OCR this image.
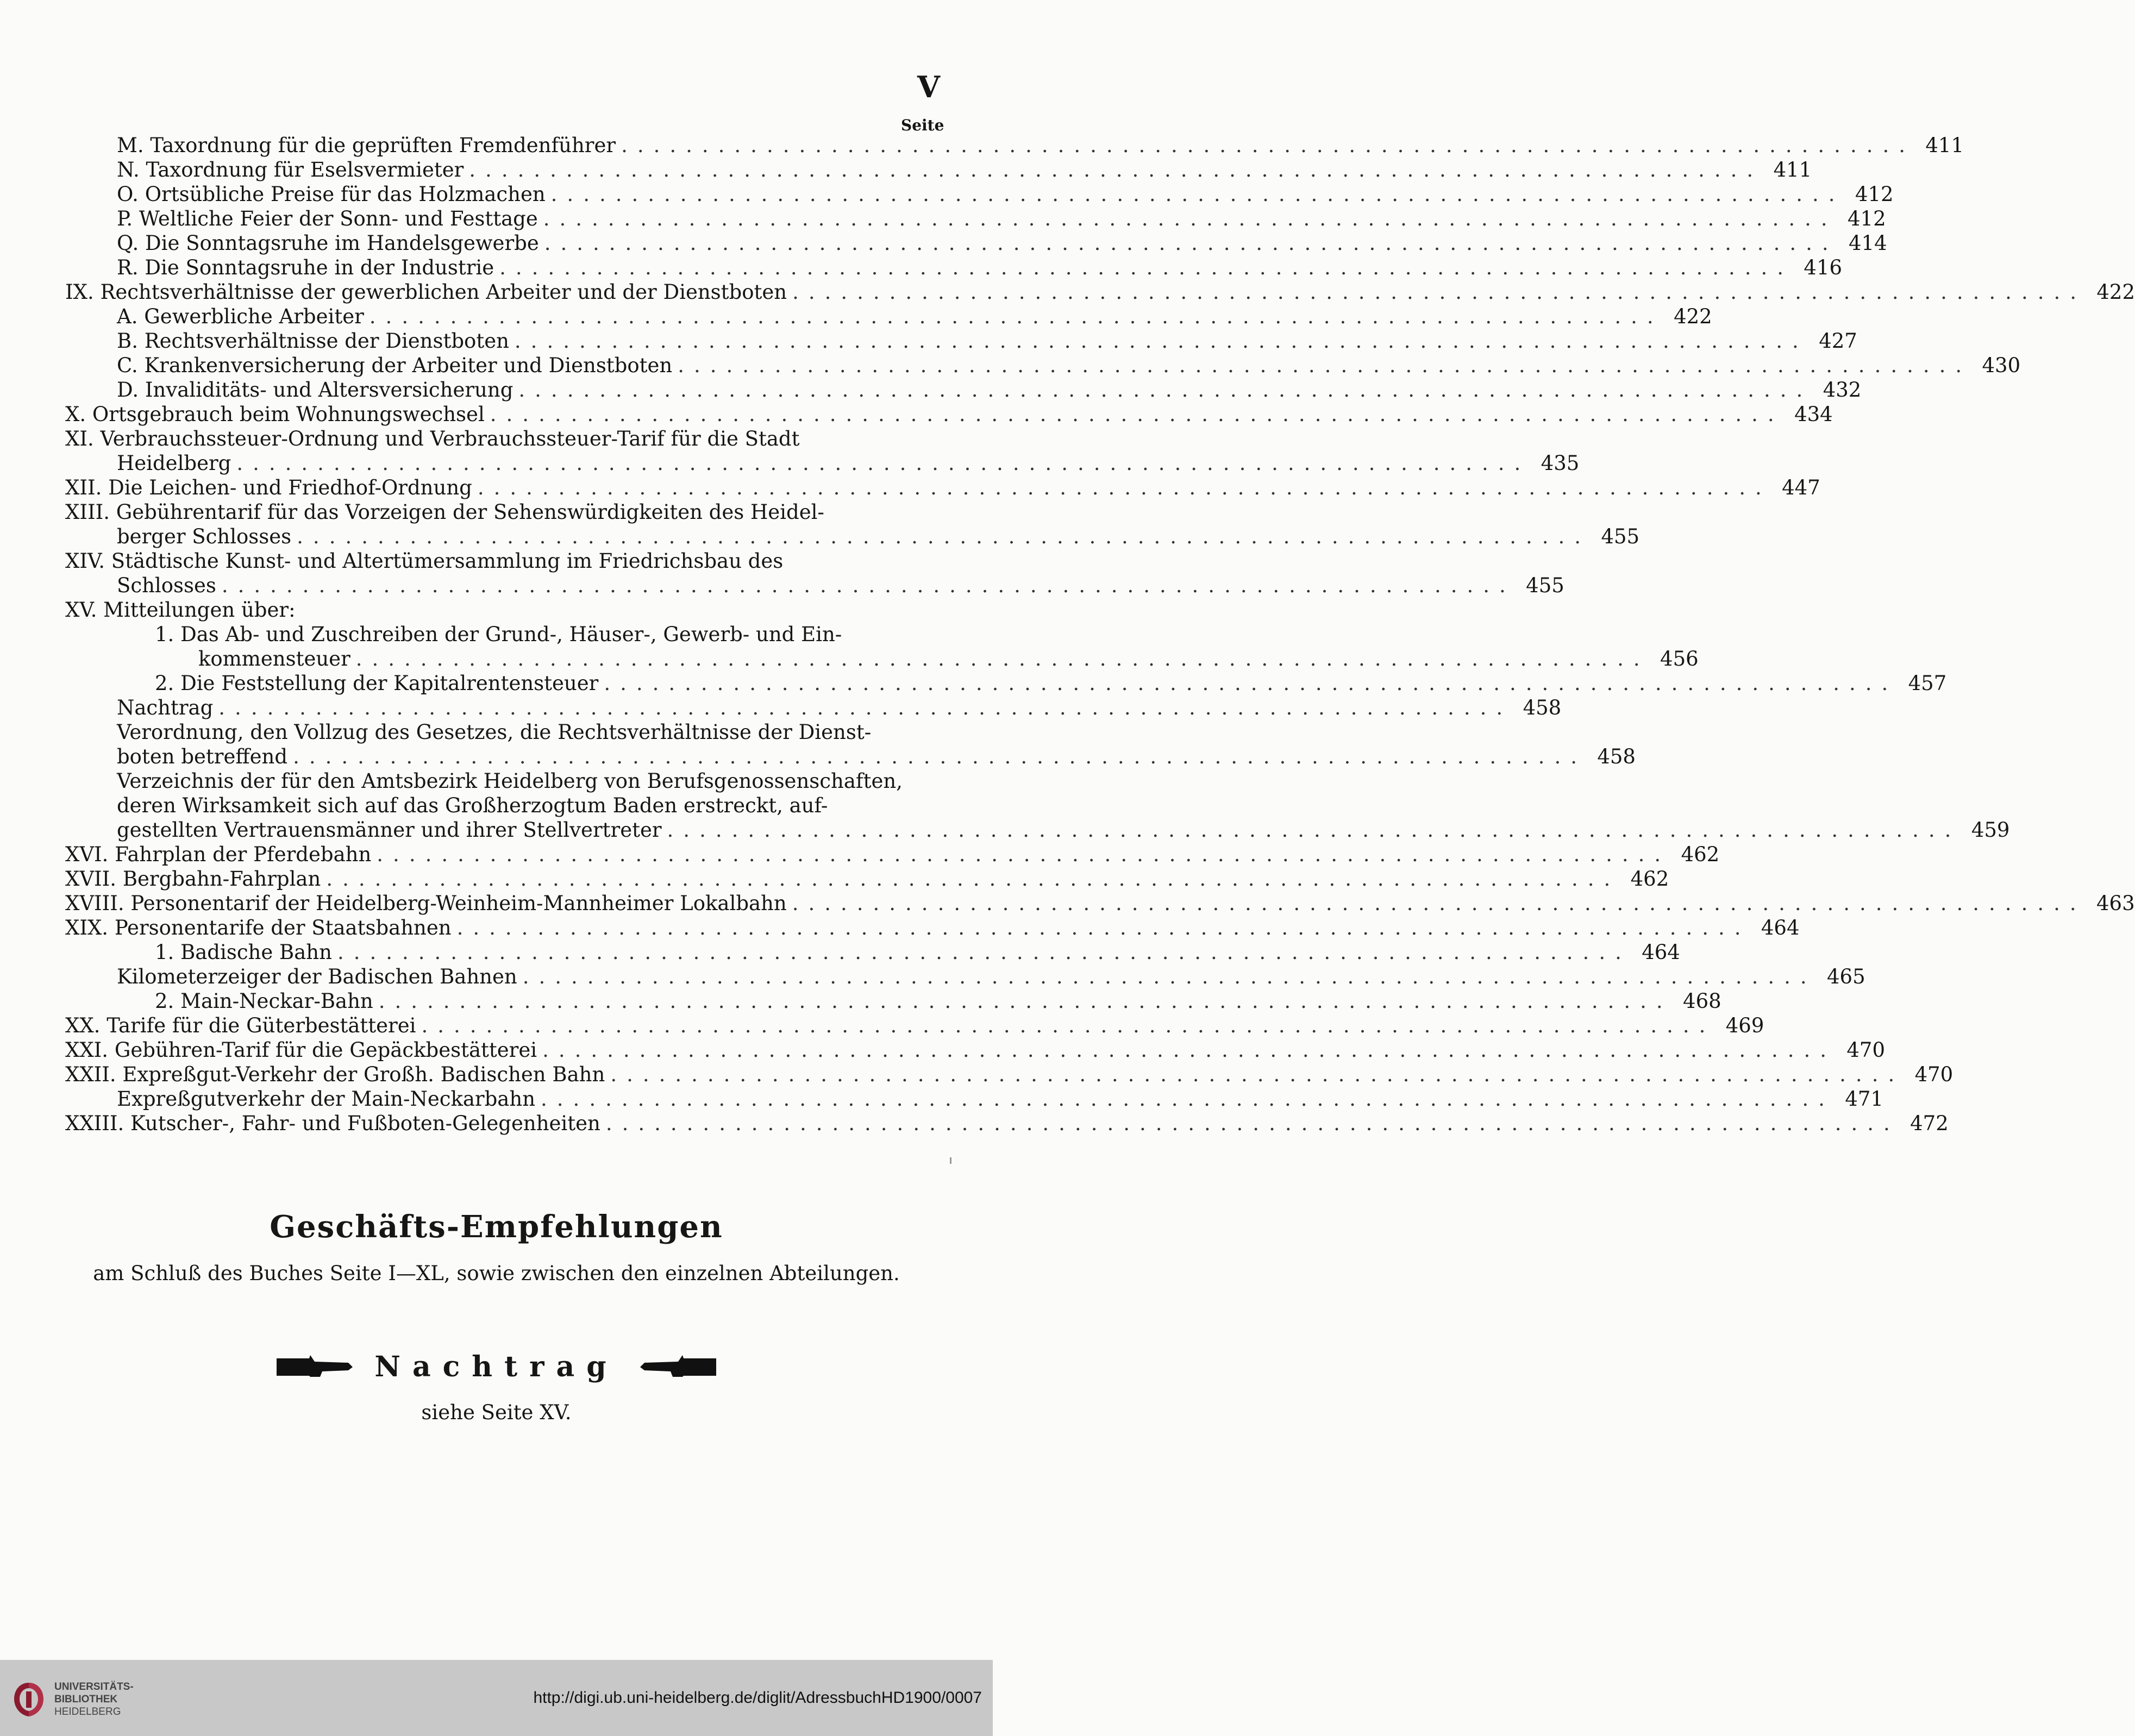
V
Seite
M. Taxordnung für die geprüften Fremdenführer ................................................................................ 411
N. Taxordnung für Eselsvermieter ................................................................................ 411
O. Ortsübliche Preise für das Holzmachen ................................................................................ 412
P. Weltliche Feier der Sonn- und Festtage ................................................................................ 412
Q. Die Sonntagsruhe im Handelsgewerbe ................................................................................ 414
R. Die Sonntagsruhe in der Industrie ................................................................................ 416
IX. Rechtsverhältnisse der gewerblichen Arbeiter und der Dienstboten ................................................................................ 422
A. Gewerbliche Arbeiter ................................................................................ 422
B. Rechtsverhältnisse der Dienstboten ................................................................................ 427
C. Krankenversicherung der Arbeiter und Dienstboten ................................................................................ 430
D. Invaliditäts- und Altersversicherung ................................................................................ 432
X. Ortsgebrauch beim Wohnungswechsel ................................................................................ 434
XI. Verbrauchssteuer-Ordnung und Verbrauchssteuer-Tarif für die Stadt
Heidelberg ................................................................................ 435
XII. Die Leichen- und Friedhof-Ordnung ................................................................................ 447
XIII. Gebührentarif für das Vorzeigen der Sehenswürdigkeiten des Heidel-
berger Schlosses ................................................................................ 455
XIV. Städtische Kunst- und Altertümersammlung im Friedrichsbau des
Schlosses ................................................................................ 455
XV. Mitteilungen über:
1. Das Ab- und Zuschreiben der Grund-, Häuser-, Gewerb- und Ein-
kommensteuer ................................................................................ 456
2. Die Feststellung der Kapitalrentensteuer ................................................................................ 457
Nachtrag ................................................................................ 458
Verordnung, den Vollzug des Gesetzes, die Rechtsverhältnisse der Dienst-
boten betreffend ................................................................................ 458
Verzeichnis der für den Amtsbezirk Heidelberg von Berufsgenossenschaften,
deren Wirksamkeit sich auf das Großherzogtum Baden erstreckt, auf-
gestellten Vertrauensmänner und ihrer Stellvertreter ................................................................................ 459
XVI. Fahrplan der Pferdebahn ................................................................................ 462
XVII. Bergbahn-Fahrplan ................................................................................ 462
XVIII. Personentarif der Heidelberg-Weinheim-Mannheimer Lokalbahn ................................................................................ 463
XIX. Personentarife der Staatsbahnen ................................................................................ 464
1. Badische Bahn ................................................................................ 464
Kilometerzeiger der Badischen Bahnen ................................................................................ 465
2. Main-Neckar-Bahn ................................................................................ 468
XX. Tarife für die Güterbestätterei ................................................................................ 469
XXI. Gebühren-Tarif für die Gepäckbestätterei ................................................................................ 470
XXII. Expreßgut-Verkehr der Großh. Badischen Bahn ................................................................................ 470
Expreßgutverkehr der Main-Neckarbahn ................................................................................ 471
XXIII. Kutscher-, Fahr- und Fußboten-Gelegenheiten ................................................................................ 472
Geschäfts-Empfehlungen
am Schluß des Buches Seite I—XL, sowie zwischen den einzelnen Abteilungen.
Nachtrag
siehe Seite XV.
UNIVERSITÄTS-
BIBLIOTHEK
HEIDELBERG
http://digi.ub.uni-heidelberg.de/diglit/AdressbuchHD1900/0007
